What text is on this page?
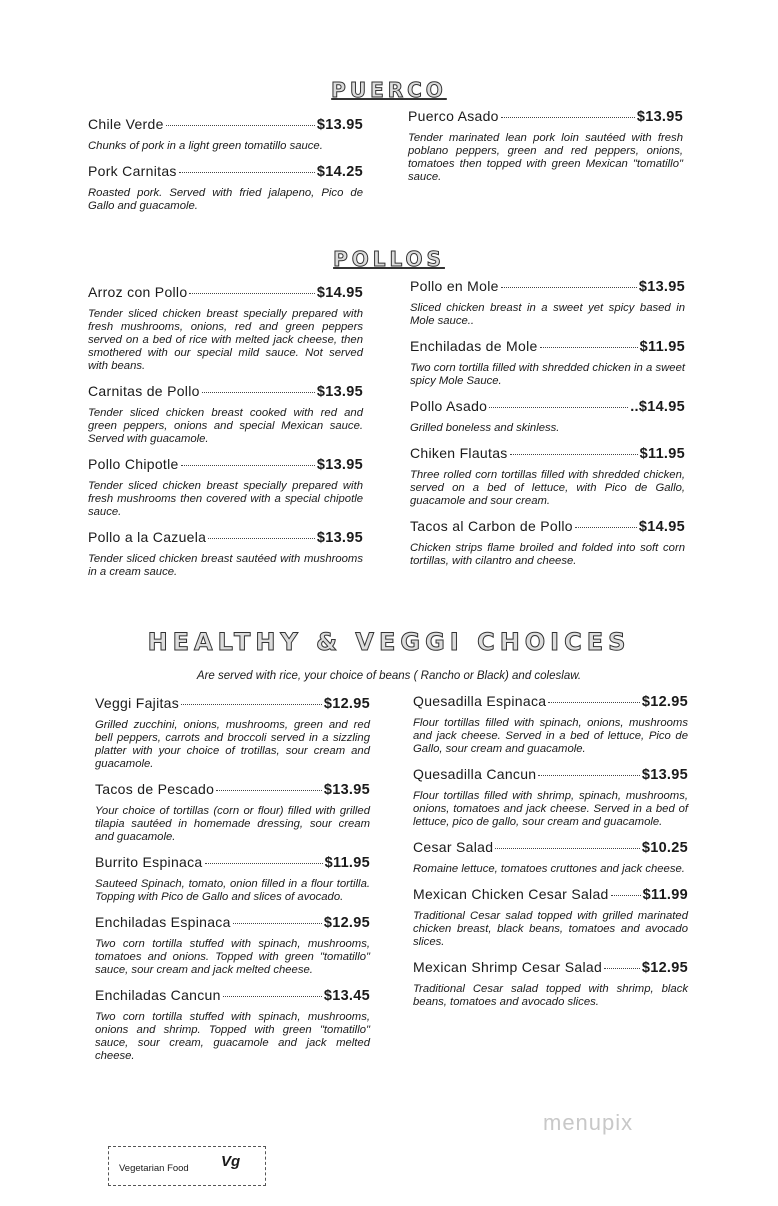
PUERCO
Chile Verde	$13.95
Chunks of pork in a light green tomatillo sauce.
Pork Carnitas	$14.25
Roasted pork. Served with fried jalapeno, Pico de Gallo and guacamole.
Puerco Asado	$13.95
Tender marinated lean pork loin sautéed with fresh poblano peppers, green and red peppers, onions, tomatoes then topped with green Mexican "tomatillo" sauce.
POLLOS
Arroz con Pollo	$14.95
Tender sliced chicken breast specially prepared with fresh mushrooms, onions, red and green peppers served on a bed of rice with melted jack cheese, then smothered with our special mild sauce. Not served with beans.
Carnitas de Pollo	$13.95
Tender sliced chicken breast cooked with red and green peppers, onions and special Mexican sauce. Served with guacamole.
Pollo Chipotle	$13.95
Tender sliced chicken breast specially prepared with fresh mushrooms then covered with a special chipotle sauce.
Pollo a la Cazuela	$13.95
Tender sliced chicken breast sautéed with mushrooms in a cream sauce.
Pollo en Mole	$13.95
Sliced chicken breast in a sweet yet spicy based in Mole sauce..
Enchiladas de Mole	$11.95
Two corn tortilla filled with shredded chicken in a sweet spicy Mole Sauce.
Pollo Asado	..$14.95
Grilled boneless and skinless.
Chiken Flautas	$11.95
Three rolled corn tortillas filled with shredded chicken, served on a bed of lettuce, with Pico de Gallo, guacamole and sour cream.
Tacos al Carbon de Pollo	$14.95
Chicken strips flame broiled and folded into soft corn tortillas, with cilantro and cheese.
HEALTHY & VEGGI CHOICES
Are served with rice, your choice of beans ( Rancho or Black) and coleslaw.
Veggi Fajitas	$12.95
Grilled zucchini, onions, mushrooms, green and red bell peppers, carrots and broccoli served in a sizzling platter with your choice of trotillas, sour cream and guacamole.
Tacos de Pescado	$13.95
Your choice of tortillas (corn or flour) filled with grilled tilapia sautéed in homemade dressing, sour cream and guacamole.
Burrito Espinaca	$11.95
Sauteed Spinach, tomato, onion filled in a flour tortilla. Topping with Pico de Gallo and slices of avocado.
Enchiladas Espinaca	$12.95
Two corn tortilla stuffed with spinach, mushrooms, tomatoes and onions. Topped with green "tomatillo" sauce, sour cream and jack melted cheese.
Enchiladas Cancun	$13.45
Two corn tortilla stuffed with spinach, mushrooms, onions and shrimp. Topped with green "tomatillo" sauce, sour cream, guacamole and jack melted cheese.
Quesadilla Espinaca	$12.95
Flour tortillas filled with spinach, onions, mushrooms and jack cheese. Served in a bed of lettuce, Pico de Gallo, sour cream and guacamole.
Quesadilla Cancun	$13.95
Flour tortillas filled with shrimp, spinach, mushrooms, onions, tomatoes and jack cheese. Served in a bed of lettuce, pico de gallo, sour cream and guacamole.
Cesar Salad	$10.25
Romaine lettuce, tomatoes cruttones and jack cheese.
Mexican Chicken Cesar Salad $11.99
Traditional Cesar salad topped with grilled marinated chicken breast, black beans, tomatoes and avocado slices.
Mexican Shrimp Cesar Salad	$12.95
Traditional Cesar salad topped with shrimp, black beans, tomatoes and avocado slices.
Vegetarian Food Vg
menupix
